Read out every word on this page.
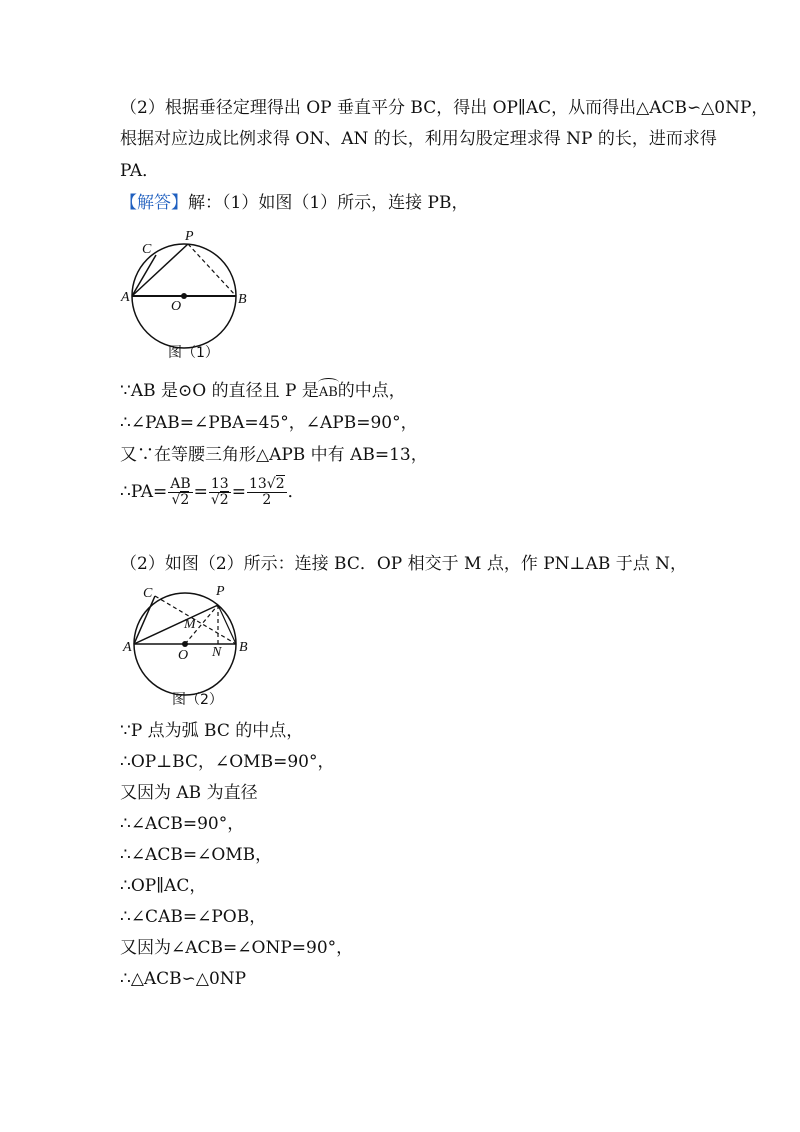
（2）根据垂径定理得出 OP 垂直平分 BC，得出 OP∥AC，从而得出△ACB∽△0NP，
根据对应边成比例求得 ON、AN 的长，利用勾股定理求得 NP 的长，进而求得
PA．
【解答】解：（1）如图（1）所示，连接 PB，
C
P
A	B
O
图（1）
∵AB 是⊙O 的直径且 P 是AB的中点，
∴∠PAB=∠PBA=45°，∠APB=90°，
又∵在等腰三角形△APB 中有 AB=13，
∴PA= $\frac{AB}{√2} = \frac{13}{√2} = \frac{13√2}{2}$ ．
（2）如图（2）所示：连接 BC．OP 相交于 M 点，作 PN⊥AB 于点 N，
C	P
A	B
O
M
N
图（2）
∵P 点为弧 BC 的中点，
∴OP⊥BC，∠OMB=90°，
又因为 AB 为直径
∴∠ACB=90°，
∴∠ACB=∠OMB，
∴OP∥AC，
∴∠CAB=∠POB，
又因为∠ACB=∠ONP=90°，
∴△ACB∽△0NP
